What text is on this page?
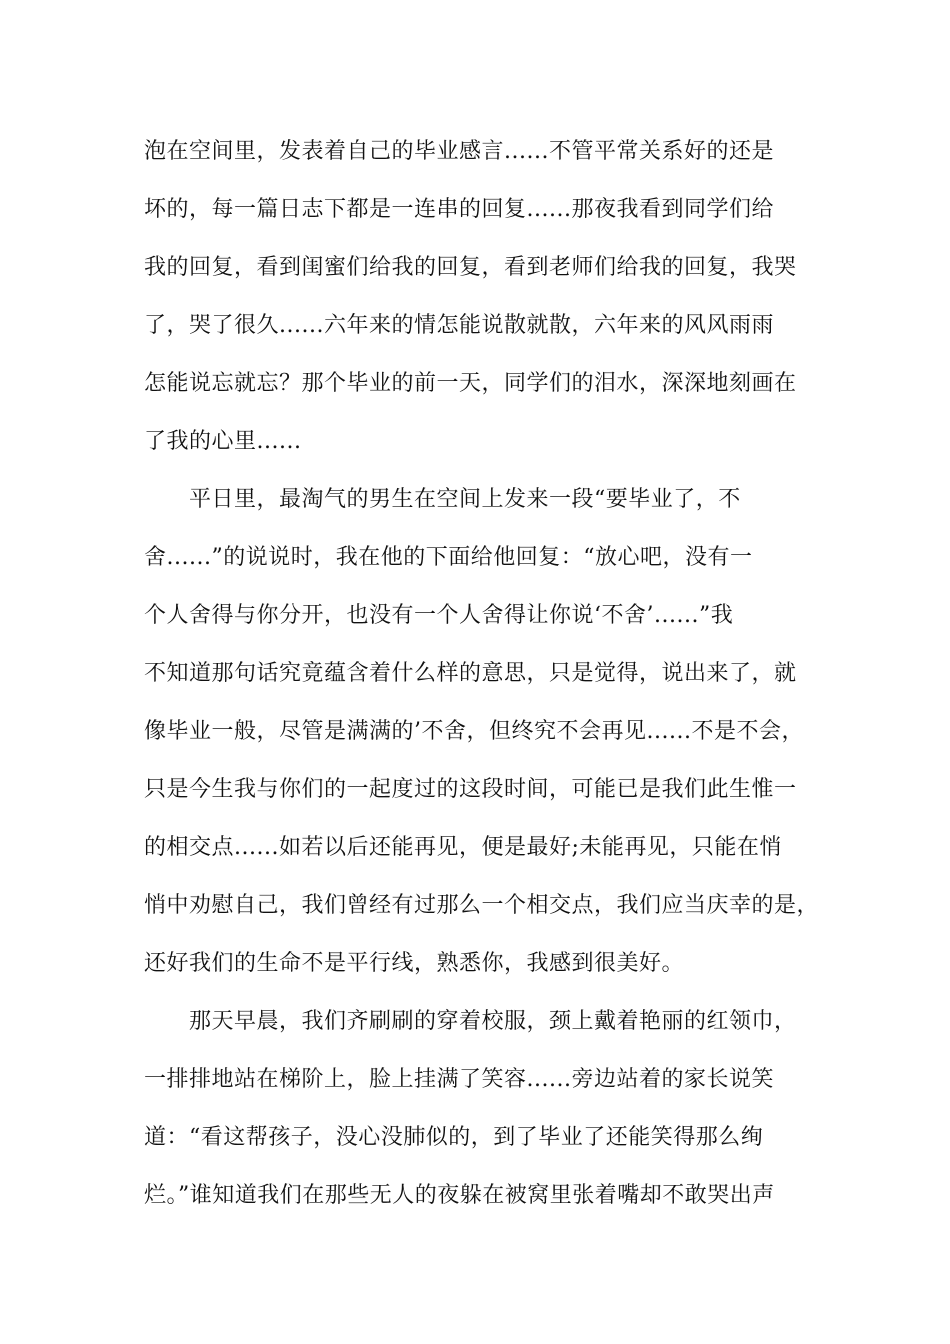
泡在空间里，发表着自己的毕业感言......不管平常关系好的还是
坏的，每一篇日志下都是一连串的回复......那夜我看到同学们给
我的回复，看到闺蜜们给我的回复，看到老师们给我的回复，我哭
了，哭了很久......六年来的情怎能说散就散，六年来的风风雨雨
怎能说忘就忘？那个毕业的前一天，同学们的泪水，深深地刻画在
了我的心里......
　　平日里，最淘气的男生在空间上发来一段“要毕业了，不
舍......”的说说时，我在他的下面给他回复：“放心吧，没有一
个人舍得与你分开，也没有一个人舍得让你说‘不舍’......”我
不知道那句话究竟蕴含着什么样的意思，只是觉得，说出来了，就
像毕业一般，尽管是满满的’不舍，但终究不会再见......不是不会，
只是今生我与你们的一起度过的这段时间，可能已是我们此生惟一
的相交点......如若以后还能再见，便是最好;未能再见，只能在悄
悄中劝慰自己，我们曾经有过那么一个相交点，我们应当庆幸的是，
还好我们的生命不是平行线，熟悉你，我感到很美好。
　　那天早晨，我们齐刷刷的穿着校服，颈上戴着艳丽的红领巾，
一排排地站在梯阶上，脸上挂满了笑容......旁边站着的家长说笑
道：“看这帮孩子，没心没肺似的，到了毕业了还能笑得那么绚
烂。”谁知道我们在那些无人的夜躲在被窝里张着嘴却不敢哭出声
